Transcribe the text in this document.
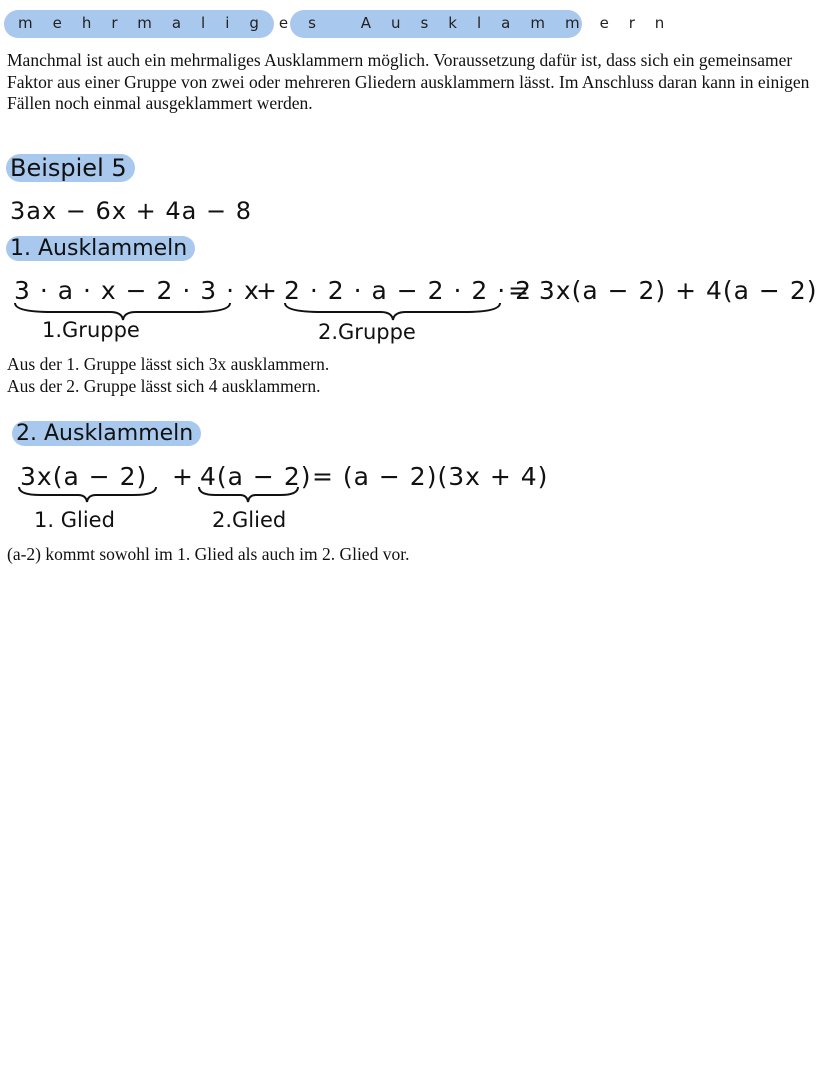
mehrmaliges Ausklammern

Manchmal ist auch ein mehrmaliges Ausklammern möglich. Voraussetzung dafür ist, dass sich ein gemeinsamer Faktor aus einer Gruppe von zwei oder mehreren Gliedern ausklammern lässt. Im Anschluss daran kann in einigen Fällen noch einmal ausgeklammert werden.

Beispiel 5
3ax − 6x + 4a − 8
1. Ausklammeln
3 · a · x − 2 · 3 · x
+ 2 · 2 · a − 2 · 2 · 2
= 3x(a − 2) + 4(a − 2)
1.Gruppe	2.Gruppe
Aus der 1. Gruppe lässt sich 3x ausklammern.
Aus der 2. Gruppe lässt sich 4 ausklammern.
2. Ausklammeln
3x(a − 2) + 4(a − 2) = (a − 2)(3x + 4)
1. Glied	2.Glied
(a-2) kommt sowohl im 1. Glied als auch im 2. Glied vor.
